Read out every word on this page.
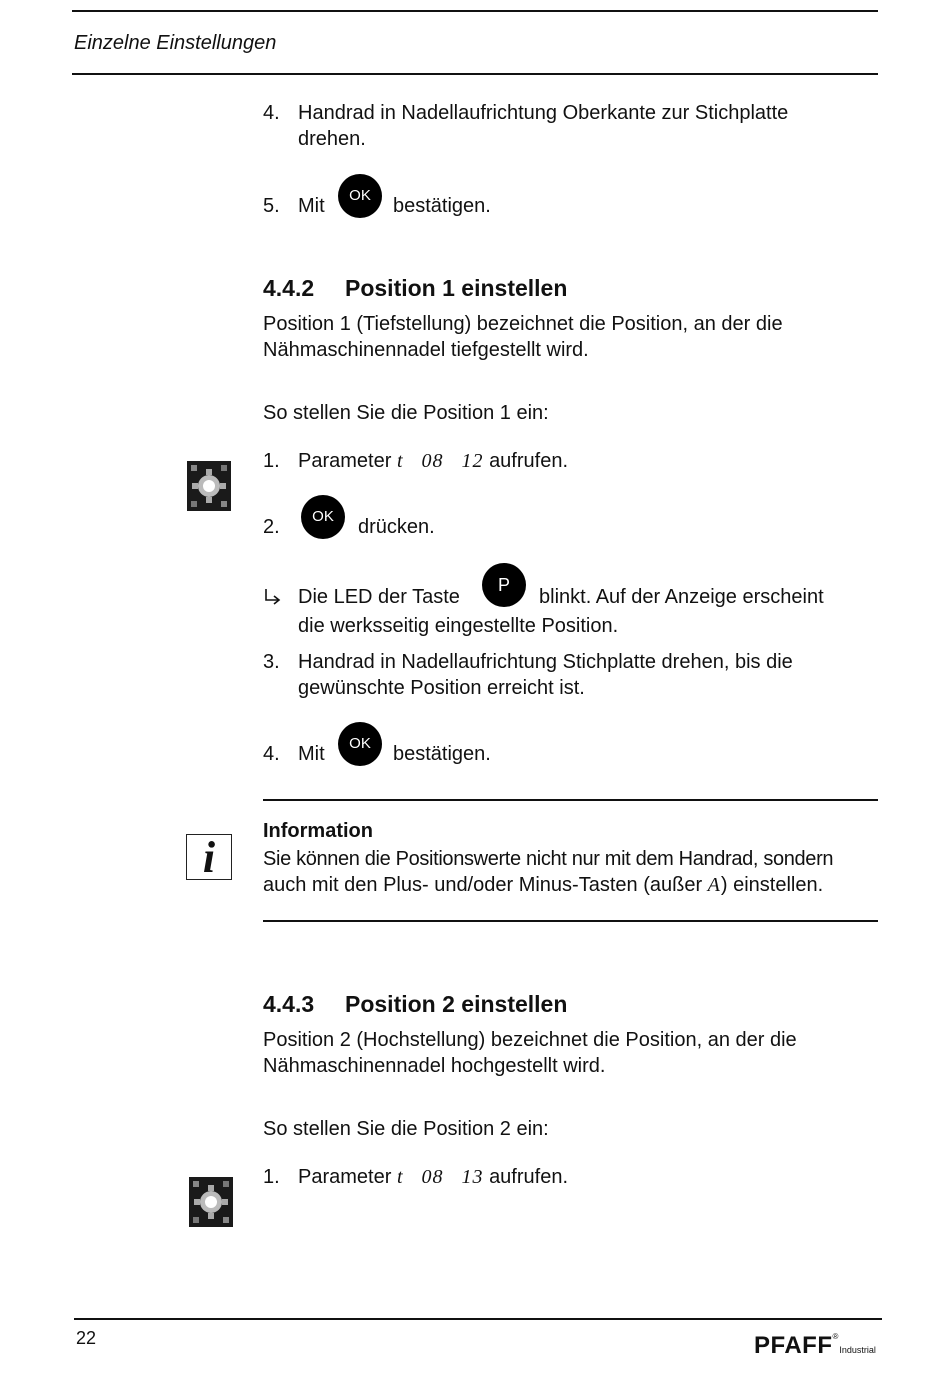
Einzelne Einstellungen
4. Handrad in Nadellaufrichtung Oberkante zur Stichplatte
drehen.
5. Mit	OK	bestätigen.
4.4.2 Position 1 einstellen
Position 1 (Tiefstellung) bezeichnet die Position, an der die
Nähmaschinennadel tiefgestellt wird.
So stellen Sie die Position 1 ein:
1. Parameter t   08   12 aufrufen.
2.	OK	drücken.
Die LED der Taste
P
blinkt. Auf der Anzeige erscheint
die werksseitig eingestellte Position.
3. Handrad in Nadellaufrichtung Stichplatte drehen, bis die
gewünschte Position erreicht ist.
4. Mit	OK	bestätigen.
i
Information
Sie können die Positionswerte nicht nur mit dem Handrad, sondern
auch mit den Plus- und/oder Minus-Tasten (außer A) einstellen.
4.4.3 Position 2 einstellen
Position 2 (Hochstellung) bezeichnet die Position, an der die
Nähmaschinennadel hochgestellt wird.
So stellen Sie die Position 2 ein:
1. Parameter t   08   13 aufrufen.
22	PFAFF®Industrial
